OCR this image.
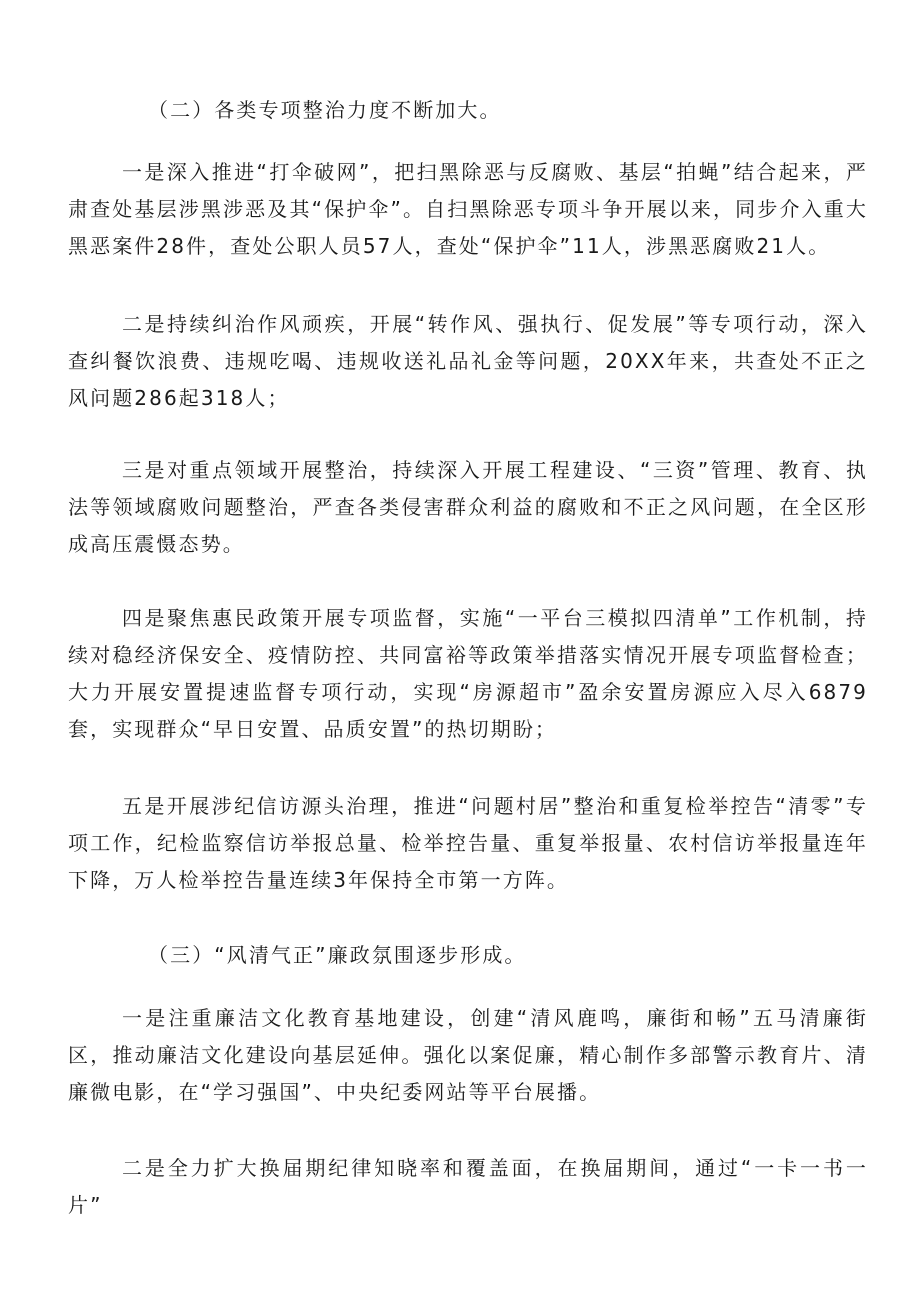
（二）各类专项整治力度不断加大。

一是深入推进“打伞破网”，把扫黑除恶与反腐败、基层“拍蝇”结合起来，严肃查处基层涉黑涉恶及其“保护伞”。自扫黑除恶专项斗争开展以来，同步介入重大黑恶案件28件，查处公职人员57人，查处“保护伞”11人，涉黑恶腐败21人。

二是持续纠治作风顽疾，开展“转作风、强执行、促发展”等专项行动，深入查纠餐饮浪费、违规吃喝、违规收送礼品礼金等问题，20XX年来，共查处不正之风问题286起318人；

三是对重点领域开展整治，持续深入开展工程建设、“三资”管理、教育、执法等领域腐败问题整治，严查各类侵害群众利益的腐败和不正之风问题，在全区形成高压震慑态势。

四是聚焦惠民政策开展专项监督，实施“一平台三模拟四清单”工作机制，持续对稳经济保安全、疫情防控、共同富裕等政策举措落实情况开展专项监督检查；大力开展安置提速监督专项行动，实现“房源超市”盈余安置房源应入尽入6879套，实现群众“早日安置、品质安置”的热切期盼；

五是开展涉纪信访源头治理，推进“问题村居”整治和重复检举控告“清零”专项工作，纪检监察信访举报总量、检举控告量、重复举报量、农村信访举报量连年下降，万人检举控告量连续3年保持全市第一方阵。

（三）“风清气正”廉政氛围逐步形成。

一是注重廉洁文化教育基地建设，创建“清风鹿鸣，廉街和畅”五马清廉街区，推动廉洁文化建设向基层延伸。强化以案促廉，精心制作多部警示教育片、清廉微电影，在“学习强国”、中央纪委网站等平台展播。

二是全力扩大换届期纪律知晓率和覆盖面，在换届期间，通过“一卡一书一片”
